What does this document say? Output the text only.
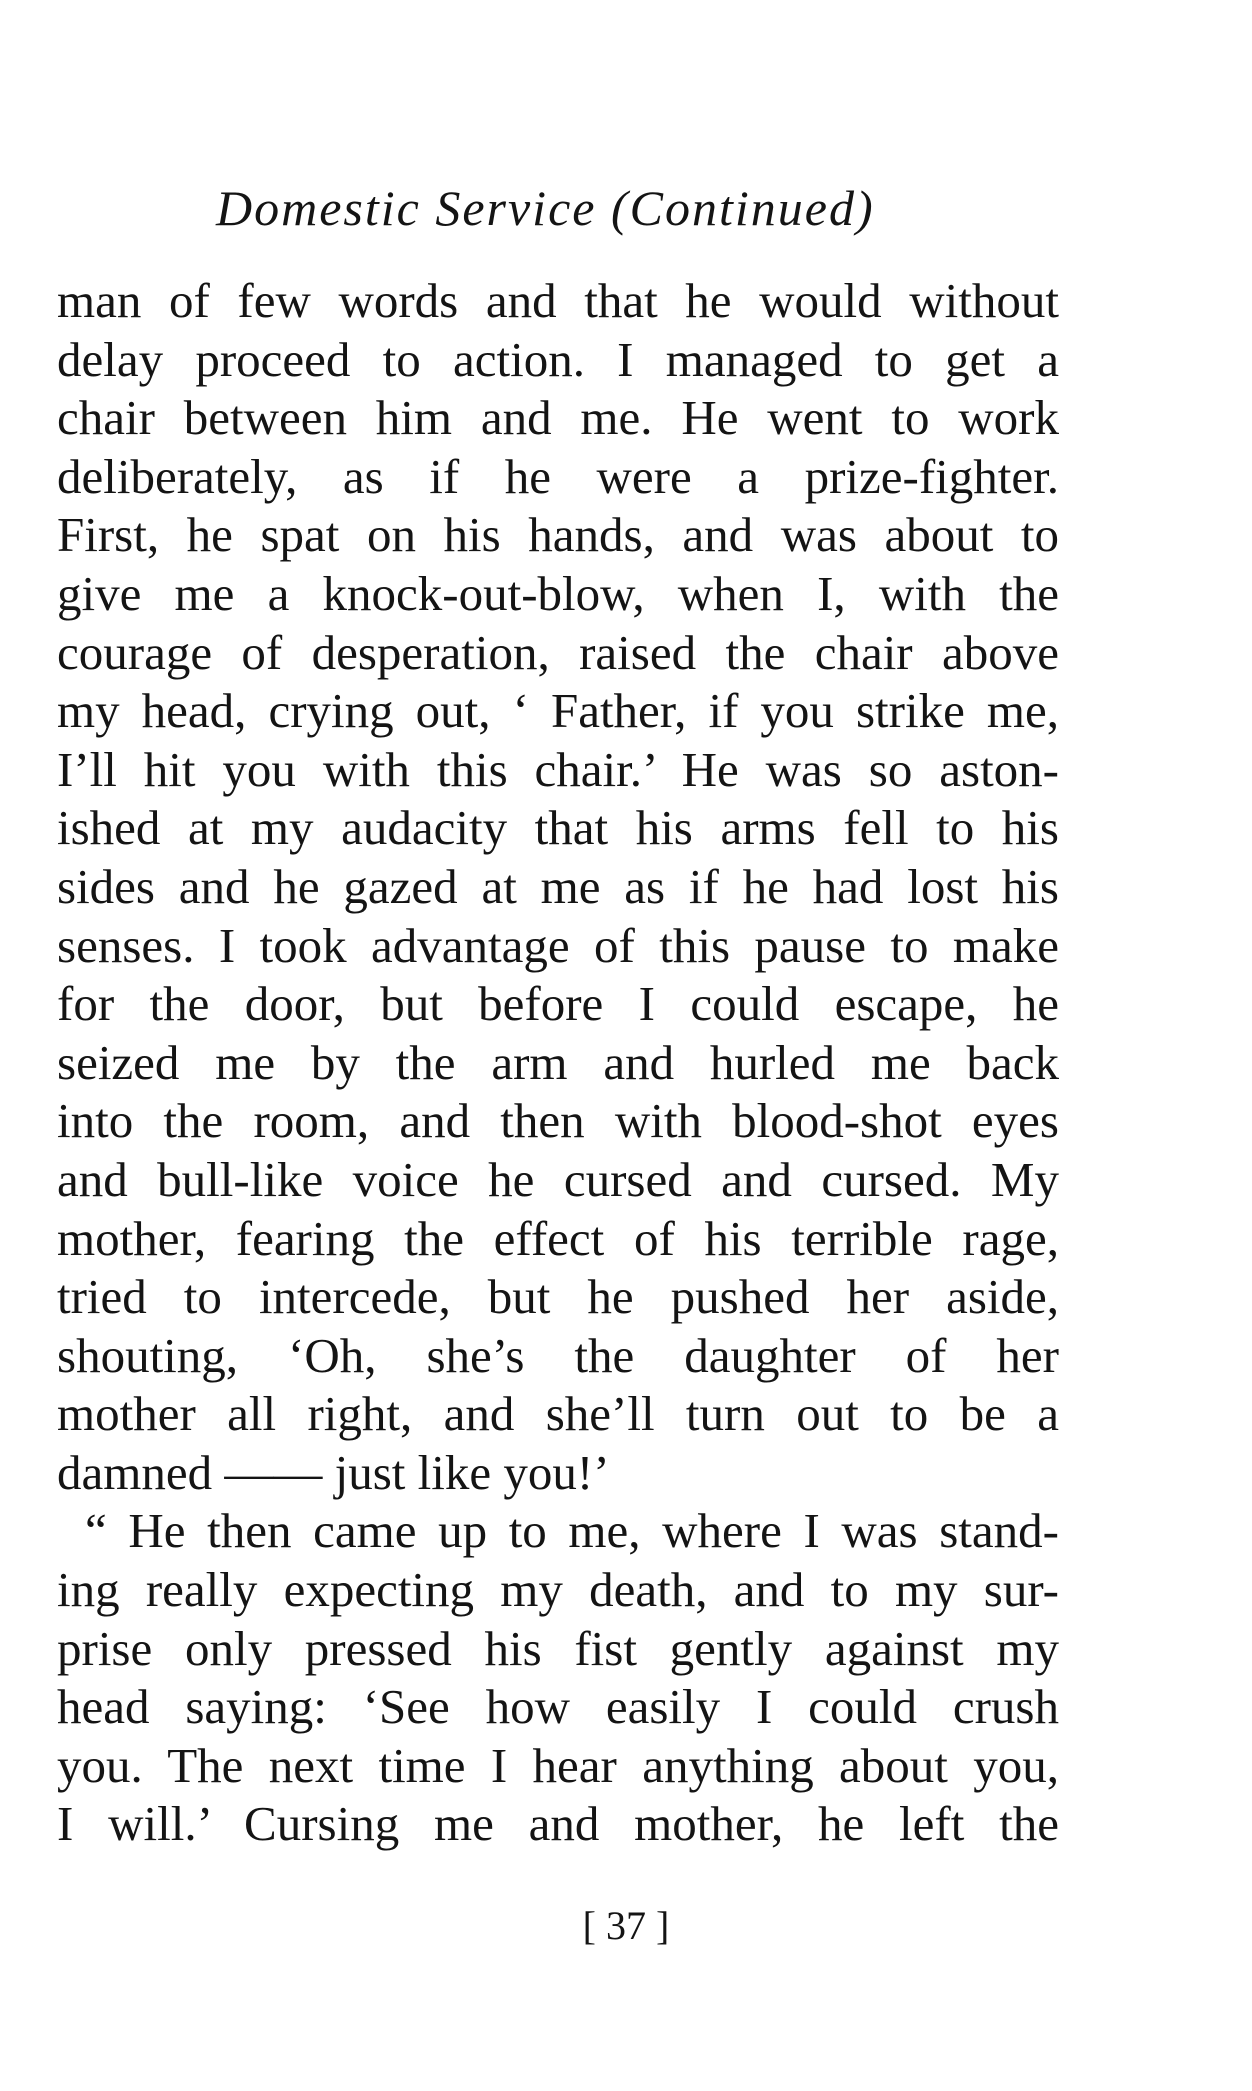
Domestic Service (Continued)
man of few words and that he would without
delay proceed to action. I managed to get a
chair between him and me. He went to work
deliberately, as if he were a prize-fighter.
First, he spat on his hands, and was about to
give me a knock-out-blow, when I, with the
courage of desperation, raised the chair above
my head, crying out, ‘ Father, if you strike me,
I’ll hit you with this chair.’ He was so aston-
ished at my audacity that his arms fell to his
sides and he gazed at me as if he had lost his
senses. I took advantage of this pause to make
for the door, but before I could escape, he
seized me by the arm and hurled me back
into the room, and then with blood-shot eyes
and bull-like voice he cursed and cursed. My
mother, fearing the effect of his terrible rage,
tried to intercede, but he pushed her aside,
shouting, ‘Oh, she’s the daughter of her
mother all right, and she’ll turn out to be a
damned —— just like you!’
“ He then came up to me, where I was stand-
ing really expecting my death, and to my sur-
prise only pressed his fist gently against my
head saying: ‘See how easily I could crush
you. The next time I hear anything about you,
I will.’ Cursing me and mother, he left the
[ 37 ]
